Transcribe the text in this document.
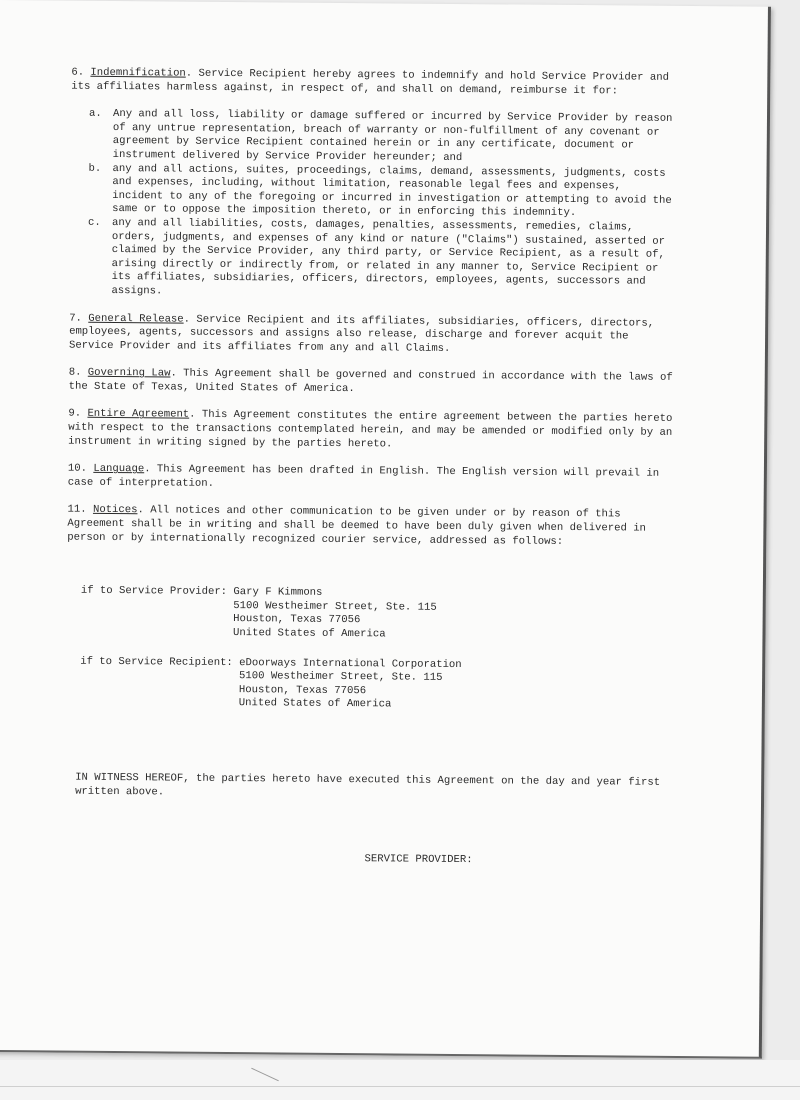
6. Indemnification. Service Recipient hereby agrees to indemnify and hold Service Provider and its affiliates harmless against, in respect of, and shall on demand, reimburse it for:

a. Any and all loss, liability or damage suffered or incurred by Service Provider by reason of any untrue representation, breach of warranty or non-fulfillment of any covenant or agreement by Service Recipient contained herein or in any certificate, document or instrument delivered by Service Provider hereunder; and
b. any and all actions, suites, proceedings, claims, demand, assessments, judgments, costs and expenses, including, without limitation, reasonable legal fees and expenses, incident to any of the foregoing or incurred in investigation or attempting to avoid the same or to oppose the imposition thereto, or in enforcing this indemnity.
c. any and all liabilities, costs, damages, penalties, assessments, remedies, claims, orders, judgments, and expenses of any kind or nature ("Claims") sustained, asserted or claimed by the Service Provider, any third party, or Service Recipient, as a result of, arising directly or indirectly from, or related in any manner to, Service Recipient or its affiliates, subsidiaries, officers, directors, employees, agents, successors and assigns.

7. General Release. Service Recipient and its affiliates, subsidiaries, officers, directors, employees, agents, successors and assigns also release, discharge and forever acquit the Service Provider and its affiliates from any and all Claims.

8. Governing Law. This Agreement shall be governed and construed in accordance with the laws of the State of Texas, United States of America.

9. Entire Agreement. This Agreement constitutes the entire agreement between the parties hereto with respect to the transactions contemplated herein, and may be amended or modified only by an instrument in writing signed by the parties hereto.

10. Language. This Agreement has been drafted in English. The English version will prevail in case of interpretation.

11. Notices. All notices and other communication to be given under or by reason of this Agreement shall be in writing and shall be deemed to have been duly given when delivered in person or by internationally recognized courier service, addressed as follows:

if to Service Provider: Gary F Kimmons
5100 Westheimer Street, Ste. 115
Houston, Texas 77056
United States of America
if to Service Recipient: eDoorways International Corporation
5100 Westheimer Street, Ste. 115
Houston, Texas 77056
United States of America

IN WITNESS HEREOF, the parties hereto have executed this Agreement on the day and year first written above.

SERVICE PROVIDER:
